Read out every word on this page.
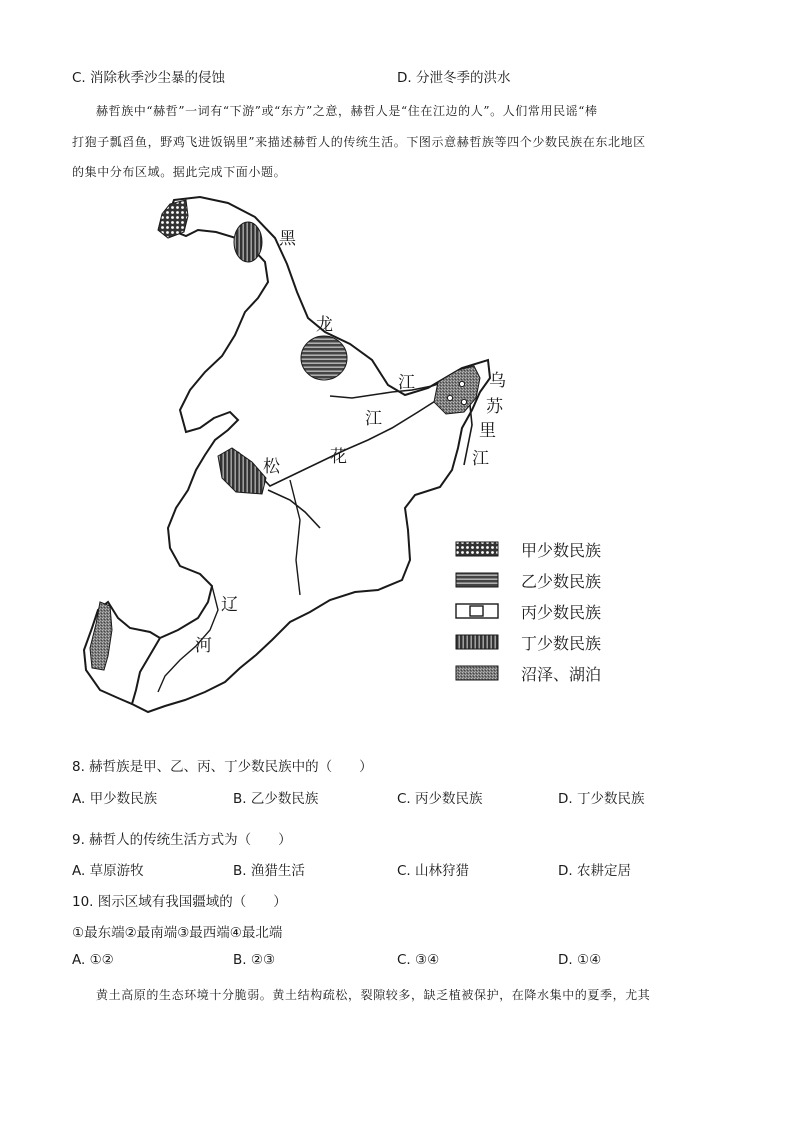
C. 消除秋季沙尘暴的侵蚀	D. 分泄冬季的洪水
赫哲族中“赫哲”一词有“下游”或“东方”之意，赫哲人是“住在江边的人”。人们常用民谣“棒
打狍子瓢舀鱼，野鸡飞进饭锅里”来描述赫哲人的传统生活。下图示意赫哲族等四个少数民族在东北地区
的集中分布区域。据此完成下面小题。
黑
龙
江
江
乌
苏
里
江
松	花
辽
河
甲少数民族
乙少数民族
丙少数民族
丁少数民族
沼泽、湖泊
8. 赫哲族是甲、乙、丙、丁少数民族中的（　　）
A. 甲少数民族	B. 乙少数民族	C. 丙少数民族	D. 丁少数民族
9. 赫哲人的传统生活方式为（　　）
A. 草原游牧	B. 渔猎生活	C. 山林狩猎	D. 农耕定居
10. 图示区域有我国疆域的（　　）
①最东端②最南端③最西端④最北端
A. ①②	B. ②③	C. ③④	D. ①④
黄土高原的生态环境十分脆弱。黄土结构疏松，裂隙较多，缺乏植被保护，在降水集中的夏季，尤其
